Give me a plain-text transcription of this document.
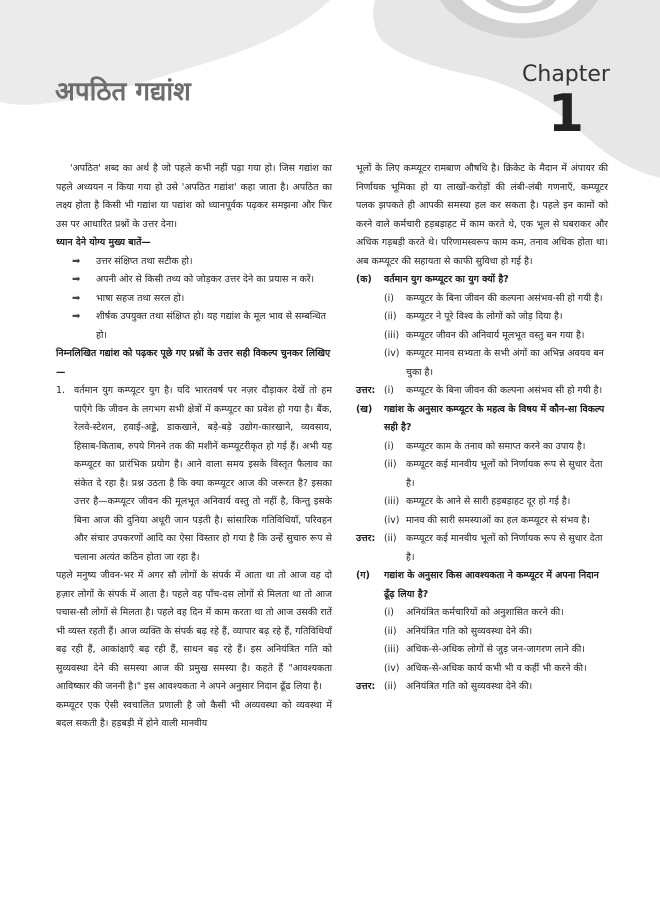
अपठित गद्यांश
Chapter
1

'अपठित' शब्द का अर्थ है जो पहले कभी नहीं पढ़ा गया हो। जिस गद्यांश का पहले अध्ययन न किया गया हो उसे 'अपठित गद्यांश' कहा जाता है। अपठित का लक्ष्य होता है किसी भी गद्यांश या पद्यांश को ध्यानपूर्वक पढ़कर समझना और फिर उस पर आधारित प्रश्नों के उत्तर देना।

ध्यान देने योग्य मुख्य बातें—

➡ उत्तर संक्षिप्त तथा सटीक हो।
➡ अपनी ओर से किसी तथ्य को जोड़कर उत्तर देने का प्रयास न करें।
➡ भाषा सहज तथा सरल हो।
➡ शीर्षक उपयुक्त तथा संक्षिप्त हो। यह गद्यांश के मूल भाव से सम्बन्धित हो।

निम्नलिखित गद्यांश को पढ़कर पूछे गए प्रश्नों के उत्तर सही विकल्प चुनकर लिखिए—

1. वर्तमान युग कम्प्यूटर युग है। यदि भारतवर्ष पर नज़र दौड़ाकर देखें तो हम पाएँगे कि जीवन के लगभग सभी क्षेत्रों में कम्प्यूटर का प्रवेश हो गया है। बैंक, रेलवे-स्टेशन, हवाई-अड्डे, डाकखाने, बड़े-बड़े उद्योग-कारखाने, व्यवसाय, हिसाब-किताब, रुपये गिनने तक की मशीनें कम्प्यूटरीकृत हो गई हैं। अभी यह कम्प्यूटर का प्रारंभिक प्रयोग है। आने वाला समय इसके विस्तृत फैलाव का संकेत दे रहा है। प्रश्न उठता है कि क्या कम्प्यूटर आज की जरूरत है? इसका उत्तर है—कम्प्यूटर जीवन की मूलभूत अनिवार्य वस्तु तो नहीं है, किन्तु इसके बिना आज की दुनिया अधूरी जान पड़ती है। सांसारिक गतिविधियाँ, परिवहन और संचार उपकरणों आदि का ऐसा विस्तार हो गया है कि उन्हें सुचारु रूप से चलाना अत्यंत कठिन होता जा रहा है।

पहले मनुष्य जीवन-भर में अगर सौ लोगों के संपर्क में आता था तो आज वह दो हज़ार लोगों के संपर्क में आता है। पहले वह पाँच-दस लोगों से मिलता था तो आज पचास-सौ लोगों से मिलता है। पहले वह दिन में काम करता था तो आज उसकी रातें भी व्यस्त रहती हैं। आज व्यक्ति के संपर्क बढ़ रहे हैं, व्यापार बढ़ रहे हैं, गतिविधियाँ बढ़ रही हैं, आकांक्षाएँ बढ़ रही हैं, साधन बढ़ रहे हैं। इस अनियंत्रित गति को सुव्यवस्था देने की समस्या आज की प्रमुख समस्या है। कहते हैं "आवश्यकता आविष्कार की जननी है।" इस आवश्यकता ने अपने अनुसार निदान ढूँढ लिया है।

कम्प्यूटर एक ऐसी स्वचालित प्रणाली है जो कैसी भी अव्यवस्था को व्यवस्था में बदल सकती है। हड़बड़ी में होने वाली मानवीय

भूलों के लिए कम्प्यूटर रामबाण औषधि है। क्रिकेट के मैदान में अंपायर की निर्णायक भूमिका हो या लाखों-करोड़ों की लंबी-लंबी गणनाएँ, कम्प्यूटर पलक झपकते ही आपकी समस्या हल कर सकता है। पहले इन कामों को करने वाले कर्मचारी हड़बड़ाहट में काम करते थे, एक भूल से घबराकर और अधिक गड़बड़ी करते थे। परिणामस्वरूप काम कम, तनाव अधिक होता था। अब कम्प्यूटर की सहायता से काफी सुविधा हो गई है।

(क) वर्तमान युग कम्प्यूटर का युग क्यों है?
(i) कम्प्यूटर के बिना जीवन की कल्पना असंभव-सी हो गयी है।
(ii) कम्प्यूटर ने पूरे विश्व के लोगों को जोड़ दिया है।
(iii) कम्प्यूटर जीवन की अनिवार्य मूलभूत वस्तु बन गया है।
(iv) कम्प्यूटर मानव सभ्यता के सभी अंगों का अभिन्न अवयव बन चुका है।
उत्तर: (i) कम्प्यूटर के बिना जीवन की कल्पना असंभव सी हो गयी है।
(ख) गद्यांश के अनुसार कम्प्यूटर के महत्व के विषय में कौन-सा विकल्प सही है?
(i) कम्प्यूटर काम के तनाव को समाप्त करने का उपाय है।
(ii) कम्प्यूटर कई मानवीय भूलों को निर्णायक रूप से सुधार देता है।
(iii) कम्प्यूटर के आने से सारी हड़बड़ाहट दूर हो गई है।
(iv) मानव की सारी समस्याओं का हल कम्प्यूटर से संभव है।
उत्तर: (ii) कम्प्यूटर कई मानवीय भूलों को निर्णायक रूप से सुधार देता है।
(ग) गद्यांश के अनुसार किस आवश्यकता ने कम्प्यूटर में अपना निदान ढूँढ़ लिया है?
(i) अनियंत्रित कर्मचारियों को अनुशासित करने की।
(ii) अनियंत्रित गति को सुव्यवस्था देने की।
(iii) अधिक-से-अधिक लोगों से जुड़ जन-जागरण लाने की।
(iv) अधिक-से-अधिक कार्य कभी भी व कहीं भी करने की।
उत्तर: (ii) अनियंत्रित गति को सुव्यवस्था देने की।
